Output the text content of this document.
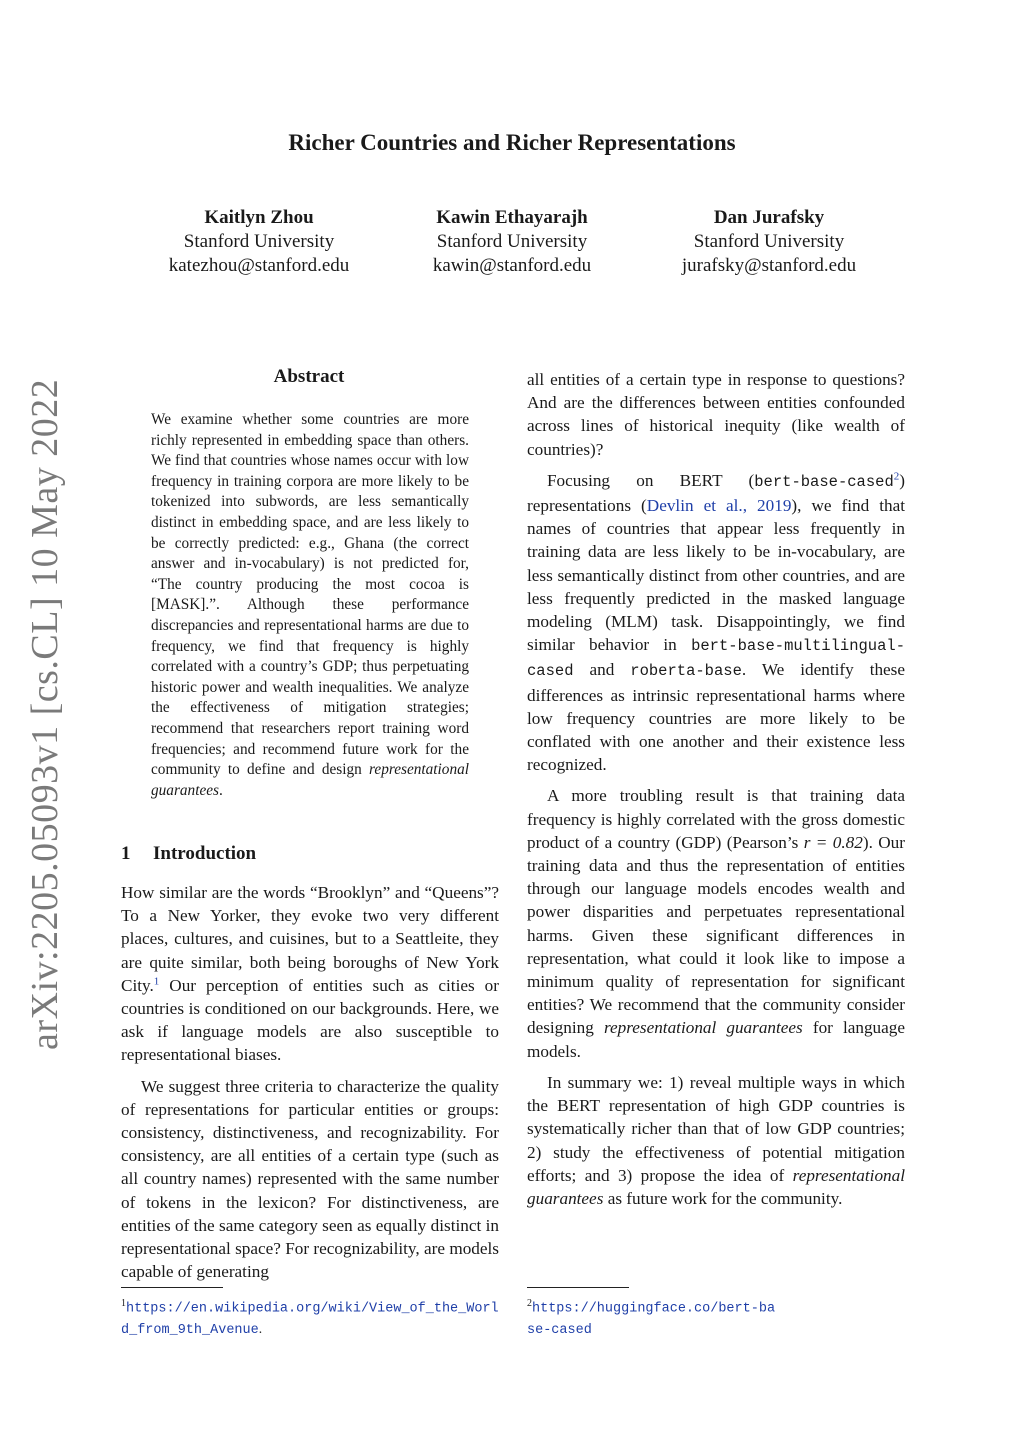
arXiv:2205.05093v1 [cs.CL] 10 May 2022
Richer Countries and Richer Representations
Kaitlyn Zhou
Stanford University
katezhou@stanford.edu
Kawin Ethayarajh
Stanford University
kawin@stanford.edu
Dan Jurafsky
Stanford University
jurafsky@stanford.edu
Abstract
We examine whether some countries are more richly represented in embedding space than others. We find that countries whose names occur with low frequency in training corpora are more likely to be tokenized into subwords, are less semantically distinct in embedding space, and are less likely to be correctly predicted: e.g., Ghana (the correct answer and in-vocabulary) is not predicted for, “The country producing the most cocoa is [MASK].”. Although these performance discrepancies and representational harms are due to frequency, we find that frequency is highly correlated with a country’s GDP; thus perpetuating historic power and wealth inequalities. We analyze the effectiveness of mitigation strategies; recommend that researchers report training word frequencies; and recommend future work for the community to define and design representational guarantees.
1 Introduction

How similar are the words “Brooklyn” and “Queens”? To a New Yorker, they evoke two very different places, cultures, and cuisines, but to a Seattleite, they are quite similar, both being boroughs of New York City.$^1$ Our perception of entities such as cities or countries is conditioned on our backgrounds. Here, we ask if language models are also susceptible to representational biases.

We suggest three criteria to characterize the quality of representations for particular entities or groups: consistency, distinctiveness, and recognizability. For consistency, are all entities of a certain type (such as all country names) represented with the same number of tokens in the lexicon? For distinctiveness, are entities of the same category seen as equally distinct in representational space? For recognizability, are models capable of generating

all entities of a certain type in response to questions? And are the differences between entities confounded across lines of historical inequity (like wealth of countries)?

Focusing on BERT (bert-base-cased$^2$) representations (Devlin et al., 2019), we find that names of countries that appear less frequently in training data are less likely to be in-vocabulary, are less semantically distinct from other countries, and are less frequently predicted in the masked language modeling (MLM) task. Disappointingly, we find similar behavior in bert-base-multilingual-cased and roberta-base. We identify these differences as intrinsic representational harms where low frequency countries are more likely to be conflated with one another and their existence less recognized.

A more troubling result is that training data frequency is highly correlated with the gross domestic product of a country (GDP) (Pearson’s r = 0.82). Our training data and thus the representation of entities through our language models encodes wealth and power disparities and perpetuates representational harms. Given these significant differences in representation, what could it look like to impose a minimum quality of representation for significant entities? We recommend that the community consider designing representational guarantees for language models.

In summary we: 1) reveal multiple ways in which the BERT representation of high GDP countries is systematically richer than that of low GDP countries; 2) study the effectiveness of potential mitigation efforts; and 3) propose the idea of representational guarantees as future work for the community.

$^1$https://en.wikipedia.org/wiki/View_of_the_World_from_9th_Avenue.
$^2$https://huggingface.co/bert-base-cased
